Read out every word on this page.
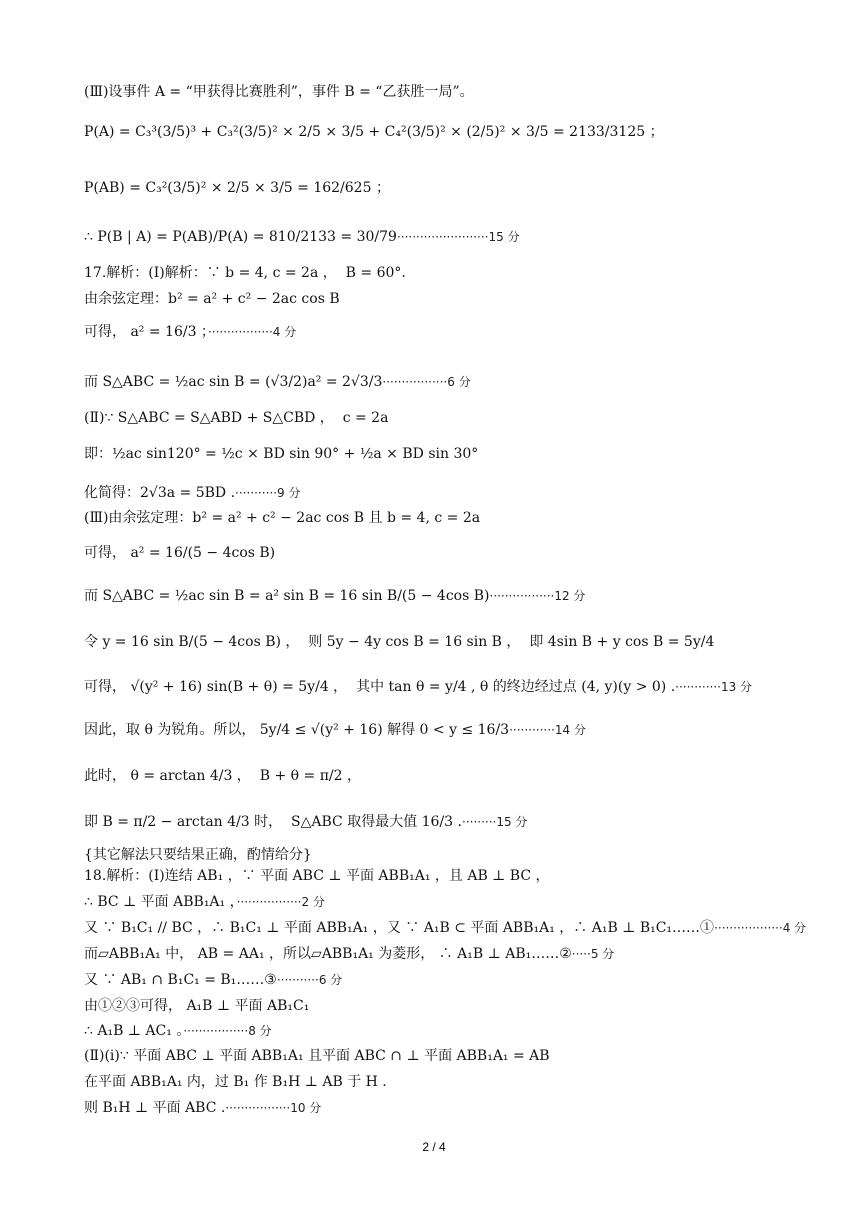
(Ⅲ)设事件 A = “甲获得比赛胜利”，事件 B = “乙获胜一局”。
P(A) = C₃³(3/5)³ + C₃²(3/5)² × 2/5 × 3/5 + C₄²(3/5)² × (2/5)² × 3/5 = 2133/3125 ；
P(AB) = C₃²(3/5)² × 2/5 × 3/5 = 162/625 ；
∴ P(B | A) = P(AB)/P(A) = 810/2133 = 30/79························15 分
17.解析：(Ⅰ)解析：∵ b = 4, c = 2a ，  B = 60°.
由余弦定理：b² = a² + c² − 2ac cos B
可得， a² = 16/3 ；·················4 分
而 S△ABC = ½ac sin B = (√3/2)a² = 2√3/3·················6 分
(Ⅱ)∵ S△ABC = S△ABD + S△CBD ，  c = 2a
即：½ac sin120° = ½c × BD sin 90° + ½a × BD sin 30°
化简得：2√3a = 5BD .···········9 分
(Ⅲ)由余弦定理：b² = a² + c² − 2ac cos B 且 b = 4, c = 2a
可得， a² = 16/(5 − 4cos B)
而 S△ABC = ½ac sin B = a² sin B = 16 sin B/(5 − 4cos B)·················12 分
令 y = 16 sin B/(5 − 4cos B) ，  则 5y − 4y cos B = 16 sin B ，  即 4sin B + y cos B = 5y/4
可得， √(y² + 16) sin(B + θ) = 5y/4 ，  其中 tan θ = y/4 , θ 的终边经过点 (4, y)(y > 0) .············13 分
因此，取 θ 为锐角。所以， 5y/4 ≤ √(y² + 16) 解得 0 < y ≤ 16/3············14 分
此时， θ = arctan 4/3 ，  B + θ = π/2 ，
即 B = π/2 − arctan 4/3 时，  S△ABC 取得最大值 16/3 .·········15 分
{其它解法只要结果正确，酌情给分}
18.解析：(Ⅰ)连结 AB₁ ，∵ 平面 ABC ⊥ 平面 ABB₁A₁ ，且 AB ⊥ BC ，
∴ BC ⊥ 平面 ABB₁A₁ ，·················2 分
又 ∵ B₁C₁ // BC ，∴ B₁C₁ ⊥ 平面 ABB₁A₁ ，又 ∵ A₁B ⊂ 平面 ABB₁A₁ ，∴ A₁B ⊥ B₁C₁……①··················4 分
而▱ABB₁A₁ 中， AB = AA₁ ，所以▱ABB₁A₁ 为菱形， ∴ A₁B ⊥ AB₁……②·····5 分
又 ∵ AB₁ ∩ B₁C₁ = B₁……③···········6 分
由①②③可得， A₁B ⊥ 平面 AB₁C₁
∴ A₁B ⊥ AC₁ 。·················8 分
(Ⅱ)(i)∵ 平面 ABC ⊥ 平面 ABB₁A₁ 且平面 ABC ∩ ⊥ 平面 ABB₁A₁ = AB
在平面 ABB₁A₁ 内，过 B₁ 作 B₁H ⊥ AB 于 H .
则 B₁H ⊥ 平面 ABC .·················10 分
2 / 4
